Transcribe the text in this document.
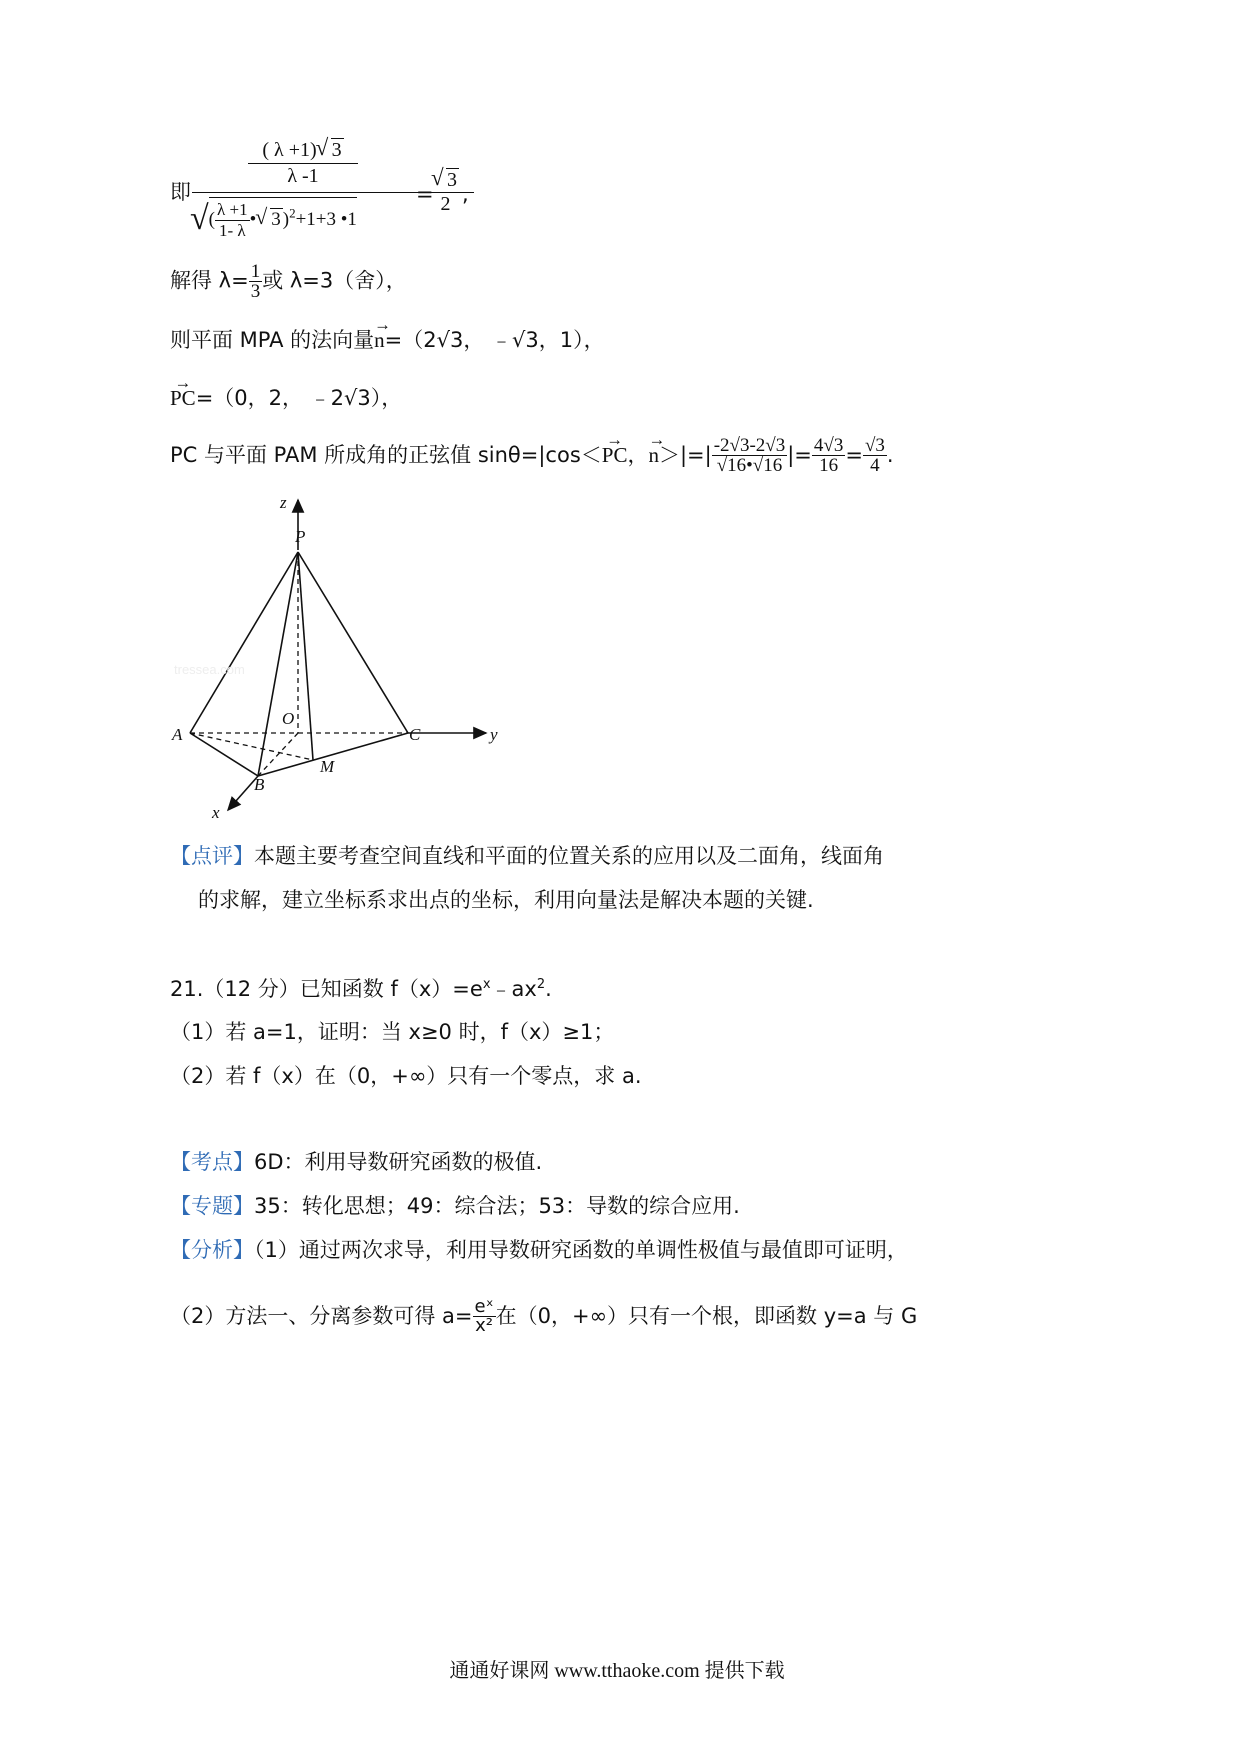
即
( λ +1) √ 3
λ -1
√( $\frac{\lambda +1}{1- \lambda}$ • √ 3 )$^2$+1+3 •1
=
√ 3
2 ,
解得 $\lambda= \frac{1}{3}$ 或 λ=3（舍），
则平面 MPA 的法向量→ n=（2√3， ﹣√3，1），
→ PC=（0，2， ﹣2√3），
PC 与平面 PAM 所成角的正弦值 sinθ=|cos＜ → PC ， → n ＞|=| $\frac{-2√3-2√3}{√16•√16}$ |= $\frac{4√3}{16} = \frac{√3}{4}$ .
tressea.com
z
P
O
A	C	y
B
M
x
【点评】本题主要考查空间直线和平面的位置关系的应用以及二面角，线面角
的求解，建立坐标系求出点的坐标，利用向量法是解决本题的关键.
21.（12 分）已知函数 $f(x)=e^x﹣ax^2$.
（1）若 a=1，证明：当 x≥0 时，f（x）≥1；
（2）若 f（x）在（0，+∞）只有一个零点，求 a.
【考点】6D：利用导数研究函数的极值.
【专题】35：转化思想；49：综合法；53：导数的综合应用.
【分析】（1）通过两次求导，利用导数研究函数的单调性极值与最值即可证明，
（2）方法一、分离参数可得 $a= \frac{\text{eˣ}}{\text{x²}}$ 在（0，+∞）只有一个根，即函数 y=a 与 G
通通好课网 www.tthaoke.com 提供下载
